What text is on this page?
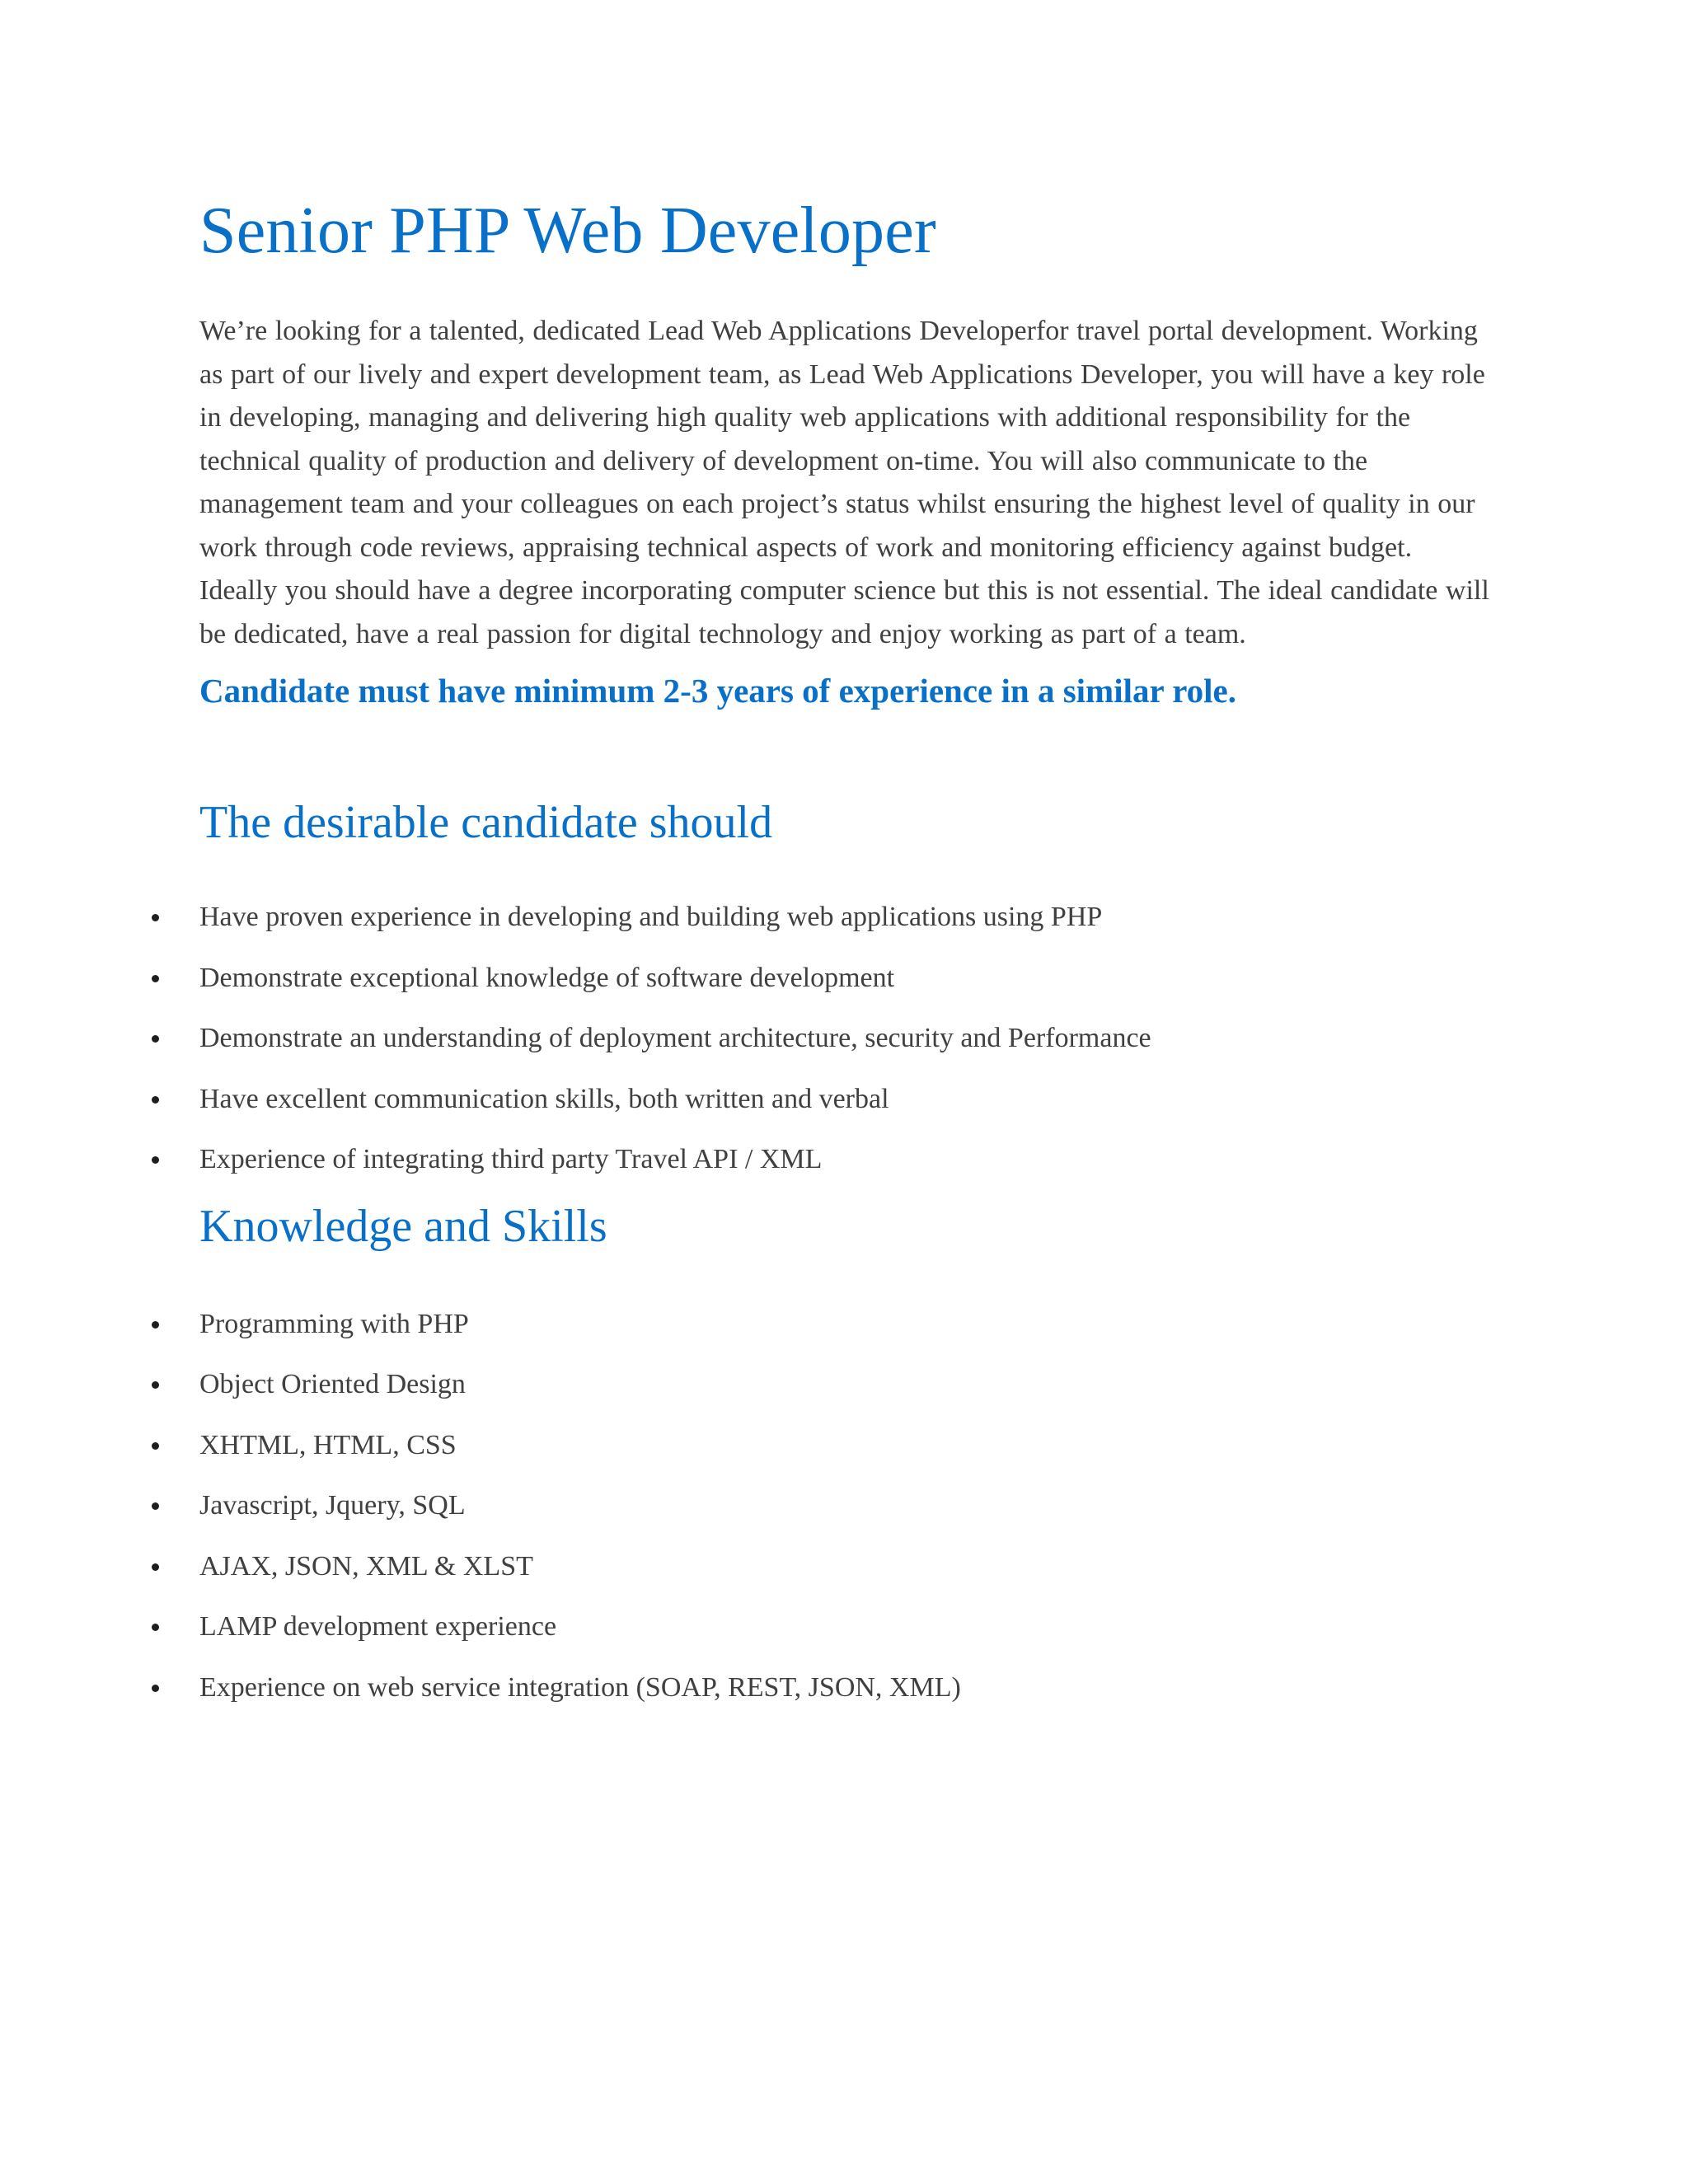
Senior PHP Web Developer

We’re looking for a talented, dedicated Lead Web Applications Developerfor travel portal development. Working as part of our lively and expert development team, as Lead Web Applications Developer, you will have a key role in developing, managing and delivering high quality web applications with additional responsibility for the technical quality of production and delivery of development on-time. You will also communicate to the management team and your colleagues on each project’s status whilst ensuring the highest level of quality in our work through code reviews, appraising technical aspects of work and monitoring efficiency against budget. Ideally you should have a degree incorporating computer science but this is not essential. The ideal candidate will be dedicated, have a real passion for digital technology and enjoy working as part of a team.

Candidate must have minimum 2-3 years of experience in a similar role.

The desirable candidate should
Have proven experience in developing and building web applications using PHP
Demonstrate exceptional knowledge of software development
Demonstrate an understanding of deployment architecture, security and Performance
Have excellent communication skills, both written and verbal
Experience of integrating third party Travel API / XML
Knowledge and Skills
Programming with PHP
Object Oriented Design
XHTML, HTML, CSS
Javascript, Jquery, SQL
AJAX, JSON, XML & XLST
LAMP development experience
Experience on web service integration (SOAP, REST, JSON, XML)
